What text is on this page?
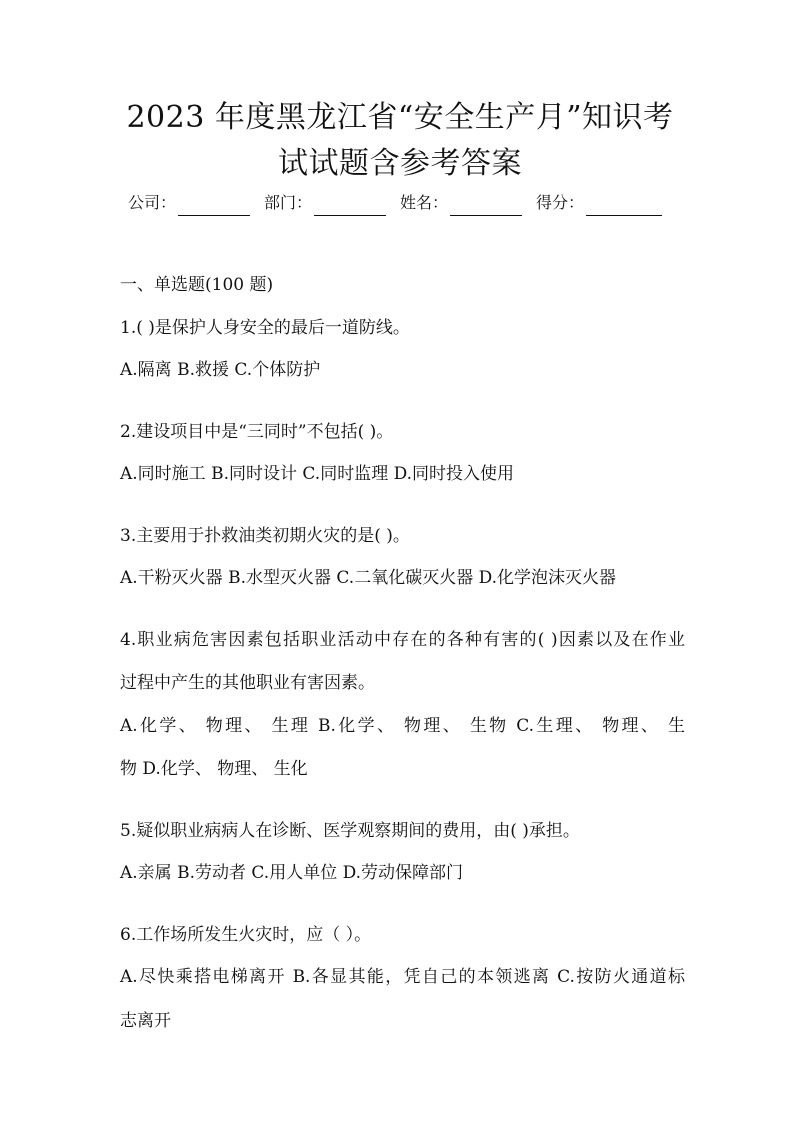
2023 年度黑龙江省“安全生产月”知识考
试试题含参考答案
公司：	部门：	姓名：	得分：
一、单选题(100 题)
1.( )是保护人身安全的最后一道防线。
A.隔离 B.救援 C.个体防护
2.建设项目中是“三同时”不包括( )。
A.同时施工 B.同时设计 C.同时监理 D.同时投入使用
3.主要用于扑救油类初期火灾的是( )。
A.干粉灭火器 B.水型灭火器 C.二氧化碳灭火器 D.化学泡沫灭火器
4.职业病危害因素包括职业活动中存在的各种有害的( )因素以及在作业
过程中产生的其他职业有害因素。
A.化学、 物理、 生理 B.化学、 物理、 生物 C.生理、 物理、 生
物 D.化学、 物理、 生化
5.疑似职业病病人在诊断、医学观察期间的费用，由( )承担。
A.亲属 B.劳动者 C.用人单位 D.劳动保障部门
6.工作场所发生火灾时，应（ ）。
A.尽快乘搭电梯离开 B.各显其能，凭自己的本领逃离 C.按防火通道标
志离开
